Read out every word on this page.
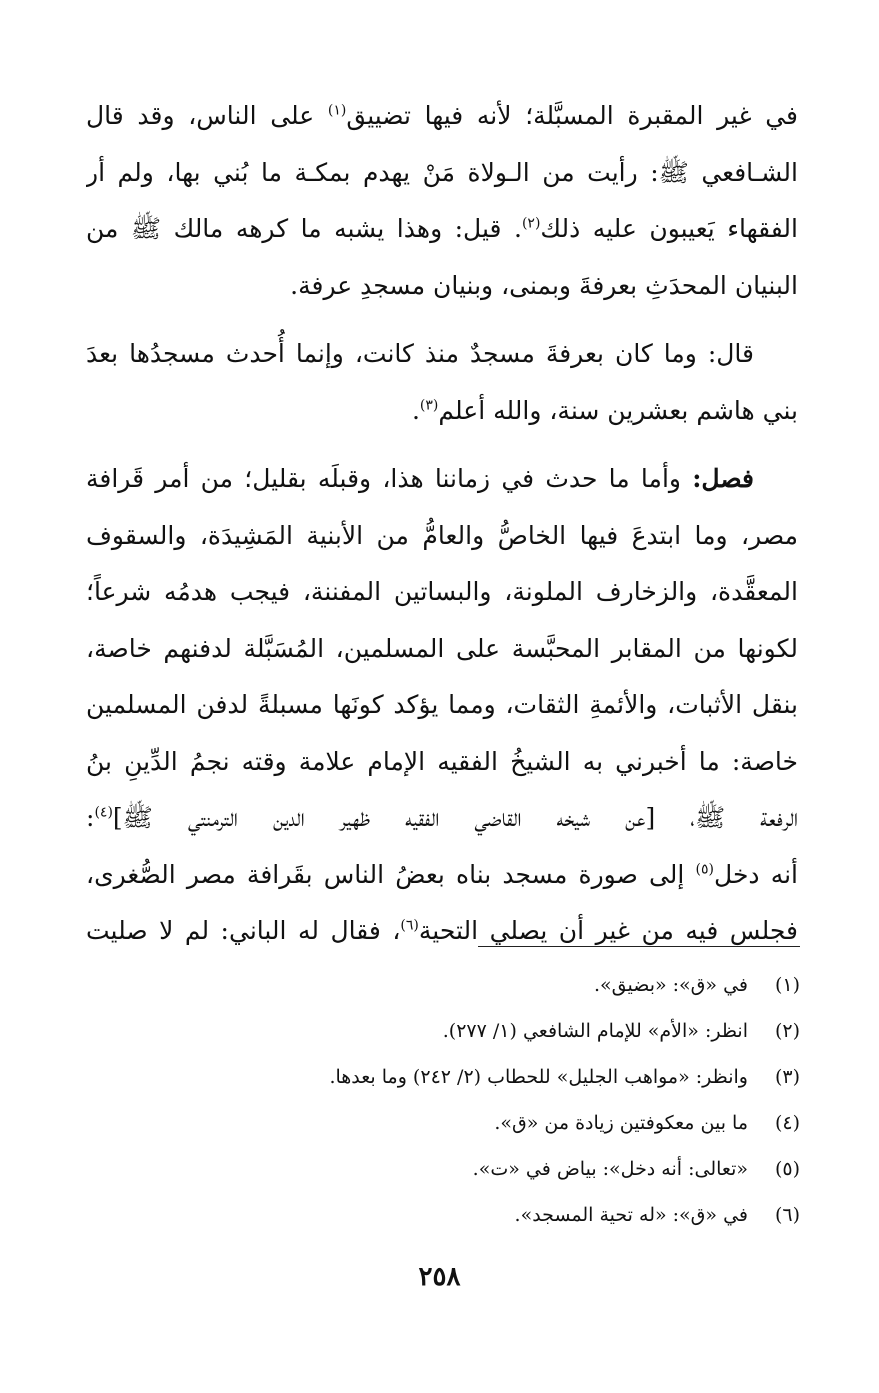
في غير المقبرة المسبَّلة؛ لأنه فيها تضييق$^{(١)}$ على الناس، وقد قال
الشـافعي ﷺ: رأيت من الـولاة مَنْ يهدم بمكـة ما بُني بها، ولم أر
الفقهاء يَعيبون عليه ذلك$^{(٢)}$. قيل: وهذا يشبه ما كرهه مالك ﷺ من
البنيان المحدَثِ بعرفةَ وبمنى، وبنيان مسجدِ عرفة.

قال: وما كان بعرفةَ مسجدٌ منذ كانت، وإنما أُحدث مسجدُها بعدَ
بني هاشم بعشرين سنة، والله أعلم$^{(٣)}$.

فصل: وأما ما حدث في زماننا هذا، وقبلَه بقليل؛ من أمر قَرافة
مصر، وما ابتدعَ فيها الخاصُّ والعامُّ من الأبنية المَشِيدَة، والسقوف
المعقَّدة، والزخارف الملونة، والبساتين المفننة، فيجب هدمُه شرعاً؛
لكونها من المقابر المحبَّسة على المسلمين، المُسَبَّلة لدفنهم خاصة،
بنقل الأثبات، والأئمةِ الثقات، ومما يؤكد كونَها مسبلةً لدفن المسلمين
خاصة: ما أخبرني به الشيخُ الفقيه الإمام علامة وقته نجمُ الدِّينِ بنُ
الرفعة ﷺ، [عن شيخه القاضي الفقيه ظهير الدين الترمنتي ﷺ]$^{(٤)}$:
أنه دخل$^{(٥)}$ إلى صورة مسجد بناه بعضُ الناس بقَرافة مصر الصُّغرى،
فجلس فيه من غير أن يصلي التحية$^{(٦)}$، فقال له الباني: لم لا صليت

(١)
في «ق»: «بضيق».
(٢)
انظر: «الأم» للإمام الشافعي (١/ ٢٧٧).
(٣)
وانظر: «مواهب الجليل» للحطاب (٢/ ٢٤٢) وما بعدها.
(٤)
ما بين معكوفتين زيادة من «ق».
(٥)
«تعالى: أنه دخل»: بياض في «ت».
(٦)
في «ق»: «له تحية المسجد».
٢٥٨
